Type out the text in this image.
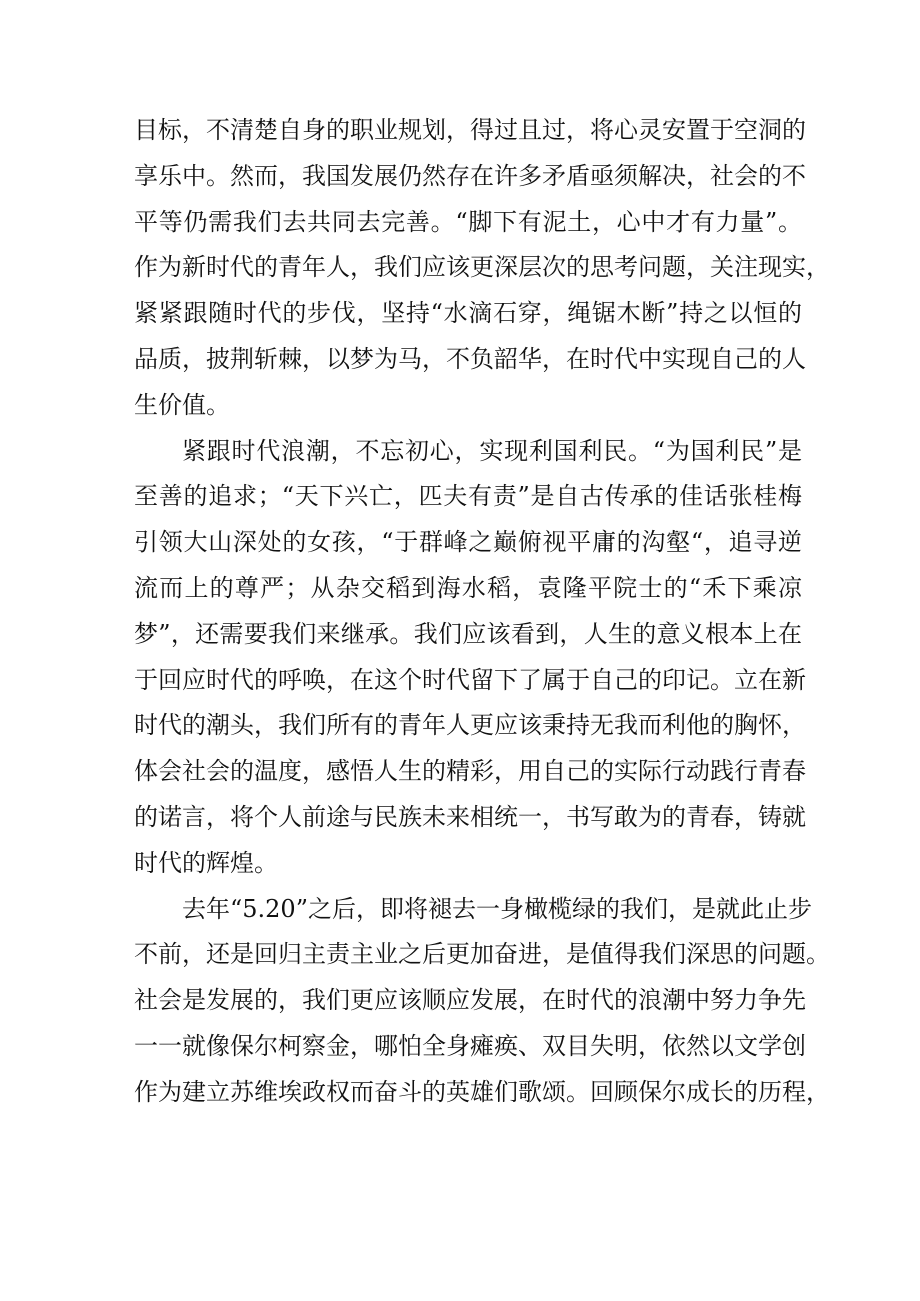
目标，不清楚自身的职业规划，得过且过，将心灵安置于空洞的
享乐中。然而，我国发展仍然存在许多矛盾亟须解决，社会的不
平等仍需我们去共同去完善。“脚下有泥土，心中才有力量”。
作为新时代的青年人，我们应该更深层次的思考问题，关注现实，
紧紧跟随时代的步伐，坚持“水滴石穿，绳锯木断”持之以恒的
品质，披荆斩棘，以梦为马，不负韶华，在时代中实现自己的人
生价值。
紧跟时代浪潮，不忘初心，实现利国利民。“为国利民”是
至善的追求；“天下兴亡，匹夫有责”是自古传承的佳话张桂梅
引领大山深处的女孩，“于群峰之巅俯视平庸的沟壑“，追寻逆
流而上的尊严；从杂交稻到海水稻，袁隆平院士的“禾下乘凉
梦”，还需要我们来继承。我们应该看到，人生的意义根本上在
于回应时代的呼唤，在这个时代留下了属于自己的印记。立在新
时代的潮头，我们所有的青年人更应该秉持无我而利他的胸怀，
体会社会的温度，感悟人生的精彩，用自己的实际行动践行青春
的诺言，将个人前途与民族未来相统一，书写敢为的青春，铸就
时代的辉煌。
去年“5.20”之后，即将褪去一身橄榄绿的我们，是就此止步
不前，还是回归主责主业之后更加奋进，是值得我们深思的问题。
社会是发展的，我们更应该顺应发展，在时代的浪潮中努力争先
一一就像保尔柯察金，哪怕全身瘫痪、双目失明，依然以文学创
作为建立苏维埃政权而奋斗的英雄们歌颂。回顾保尔成长的历程，
